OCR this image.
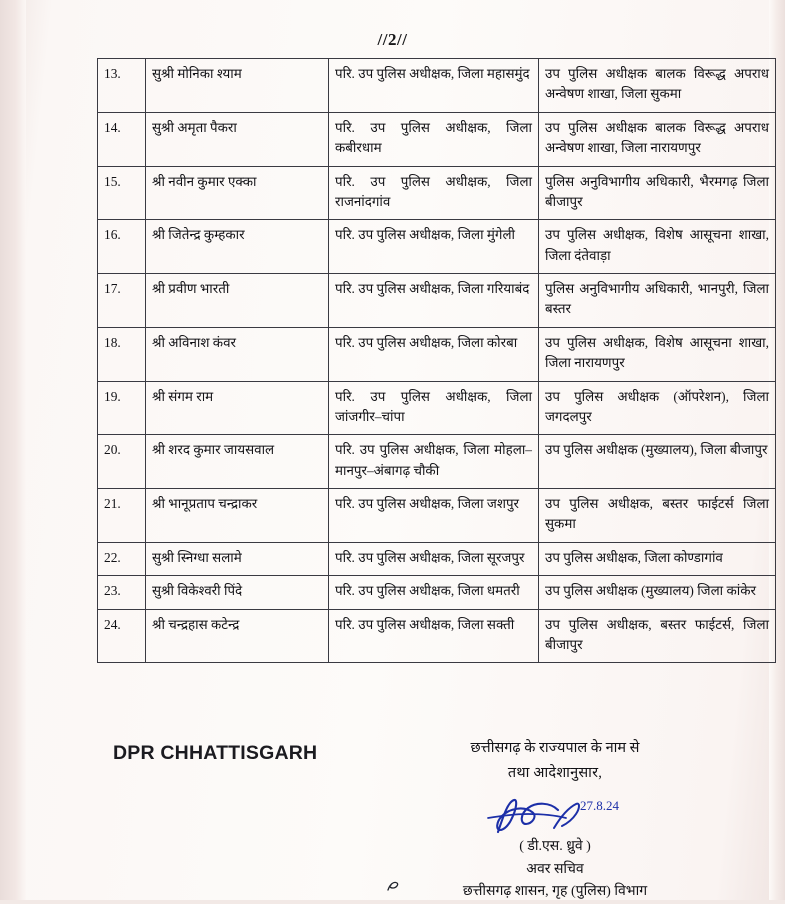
//2//
13.	सुश्री मोनिका श्याम	परि. उप पुलिस अधीक्षक, जिला महासमुंद	उप पुलिस अधीक्षक बालक विरूद्ध अपराध अन्वेषण शाखा, जिला सुकमा

14.	सुश्री अमृता पैकरा	परि. उप पुलिस अधीक्षक, जिला कबीरधाम	उप पुलिस अधीक्षक बालक विरूद्ध अपराध अन्वेषण शाखा, जिला नारायणपुर

15.	श्री नवीन कुमार एक्का	परि. उप पुलिस अधीक्षक, जिला राजनांदगांव	पुलिस अनुविभागीय अधिकारी, भैरमगढ़ जिला बीजापुर

16.	श्री जितेन्द्र कुम्हकार	परि. उप पुलिस अधीक्षक, जिला मुंगेली	उप पुलिस अधीक्षक, विशेष आसूचना शाखा, जिला दंतेवाड़ा

17.	श्री प्रवीण भारती	परि. उप पुलिस अधीक्षक, जिला गरियाबंद	पुलिस अनुविभागीय अधिकारी, भानपुरी, जिला बस्तर

18.	श्री अविनाश कंवर	परि. उप पुलिस अधीक्षक, जिला कोरबा	उप पुलिस अधीक्षक, विशेष आसूचना शाखा, जिला नारायणपुर

19.	श्री संगम राम	परि. उप पुलिस अधीक्षक, जिला जांजगीर–चांपा	उप पुलिस अधीक्षक (ऑपरेशन), जिला जगदलपुर

20.	श्री शरद कुमार जायसवाल	परि. उप पुलिस अधीक्षक, जिला मोहला–मानपुर–अंबागढ़ चौकी	उप पुलिस अधीक्षक (मुख्यालय), जिला बीजापुर

21.	श्री भानूप्रताप चन्द्राकर	परि. उप पुलिस अधीक्षक, जिला जशपुर	उप पुलिस अधीक्षक, बस्तर फाईटर्स जिला सुकमा

22.	सुश्री स्निग्धा सलामे	परि. उप पुलिस अधीक्षक, जिला सूरजपुर	उप पुलिस अधीक्षक, जिला कोण्डागांव

23.	सुश्री विकेश्वरी पिंदे	परि. उप पुलिस अधीक्षक, जिला धमतरी	उप पुलिस अधीक्षक (मुख्यालय) जिला कांकेर

24.	श्री चन्द्रहास कटेन्द्र	परि. उप पुलिस अधीक्षक, जिला सक्ती	उप पुलिस अधीक्षक, बस्तर फाईटर्स, जिला बीजापुर
DPR CHHATTISGARH	छत्तीसगढ़ के राज्यपाल के नाम से
तथा आदेशानुसार,
27.8.24
( डी.एस. ध्रुवे )
अवर सचिव
छत्तीसगढ़ शासन, गृह (पुलिस) विभाग
